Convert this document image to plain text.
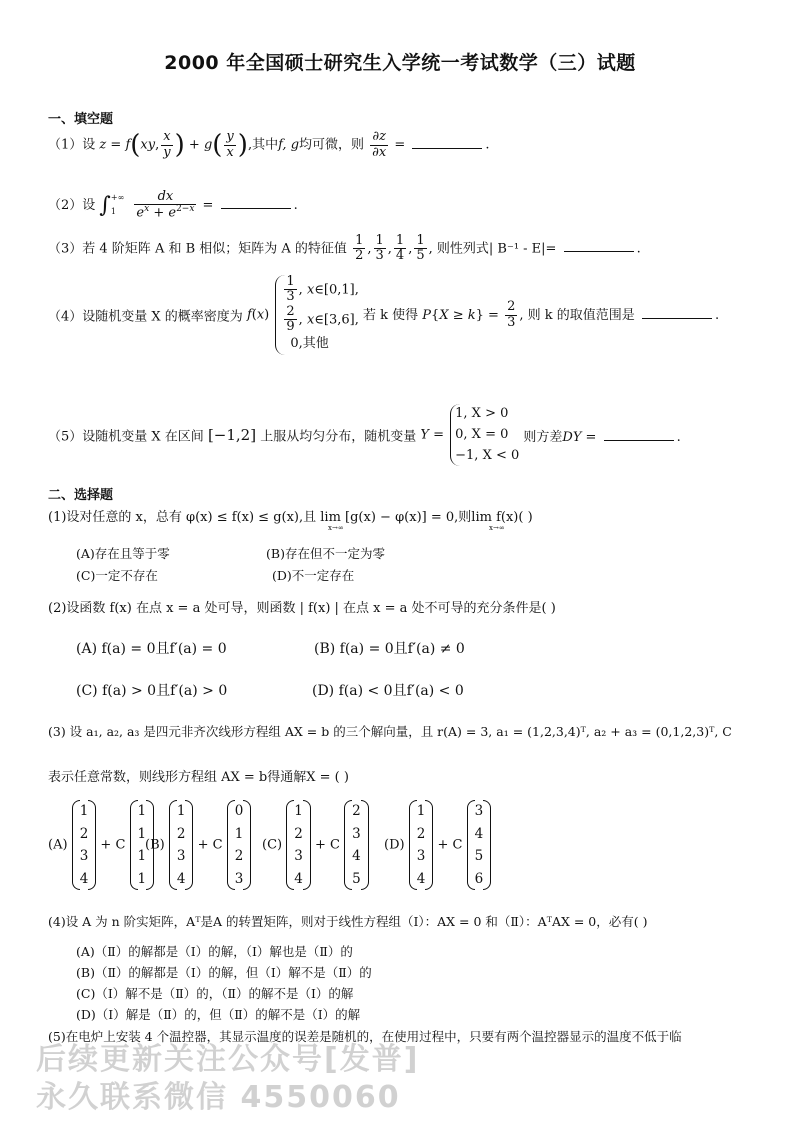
2000 年全国硕士研究生入学统一考试数学（三）试题
一、填空题
（1）设 z = f(xy, $\frac{x}{y}$ ) + $g( \frac{y}{x}$ ),其中f, g均可微，则 $\frac{\partial z}{\partial x}$ =	.
（2）设 ∫ +∞
1
	$\frac{dx}{e^x + e^{2-x}}$ =	.
（3）若 4 阶矩阵 A 和 B 相似；矩阵为 A 的特征值 $\frac{1}{2}$ , $\frac{1}{3}$ , $\frac{1}{4}$ , $\frac{1}{5}$ , 则性列式| B⁻¹ - E|=	.
（4）设随机变量 X 的概率密度为 f(x)
$\frac{1}{3}$ , x∈[0,1],
$\frac{2}{9}$ , x∈[3,6],
0,其他
若 k 使得 $P\{X \ge k\} = \frac{2}{3}$ , 则 k 的取值范围是	.
（5）设随机变量 X 在区间 [−1,2] 上服从均匀分布，随机变量 Y =
1, X > 0
0, X = 0
−1, X < 0
则方差DY =	.
二、选择题
(1)设对任意的 x，总有 φ(x) ≤ f(x) ≤ g(x),且 lim [g(x) − φ(x)] = 0,则lim f(x)( )
x→∞	x→∞
(A)存在且等于零	(B)存在但不一定为零
(C)一定不存在	(D)不一定存在
(2)设函数 f(x) 在点 x = a 处可导，则函数 | f(x) | 在点 x = a 处不可导的充分条件是( )
(A) f(a) = 0且f′(a) = 0	(B) f(a) = 0且f′(a) ≠ 0
(C) f(a) > 0且f′(a) > 0	(D) f(a) < 0且f′(a) < 0
(3) 设 a₁, a₂, a₃ 是四元非齐次线形方程组 AX = b 的三个解向量，且 r(A) = 3, a₁ = (1,2,3,4)ᵀ, a₂ + a₃ = (0,1,2,3)ᵀ, C
表示任意常数，则线形方程组 AX = b得通解X = ( )
(A)
1
2
3
4
+ C
1
1
1
1
(B)
1
2
3
4
+ C
0
1
2
3
(C)
1
2
3
4
+ C
2
3
4
5
(D)
1
2
3
4
+ C
3
4
5
6
(4)设 A 为 n 阶实矩阵，Aᵀ是A 的转置矩阵，则对于线性方程组（Ⅰ）：AX = 0 和（Ⅱ）：AᵀAX = 0，必有( )
(A)（Ⅱ）的解都是（Ⅰ）的解，（Ⅰ）解也是（Ⅱ）的
(B)（Ⅱ）的解都是（Ⅰ）的解，但（Ⅰ）解不是（Ⅱ）的
(C)（Ⅰ）解不是（Ⅱ）的，（Ⅱ）的解不是（Ⅰ）的解
(D)（Ⅰ）解是（Ⅱ）的，但（Ⅱ）的解不是（Ⅰ）的解
(5)在电炉上安装 4 个温控器，其显示温度的误差是随机的，在使用过程中，只要有两个温控器显示的温度不低于临
后续更新关注公众号[发普]
永久联系微信 4550060
